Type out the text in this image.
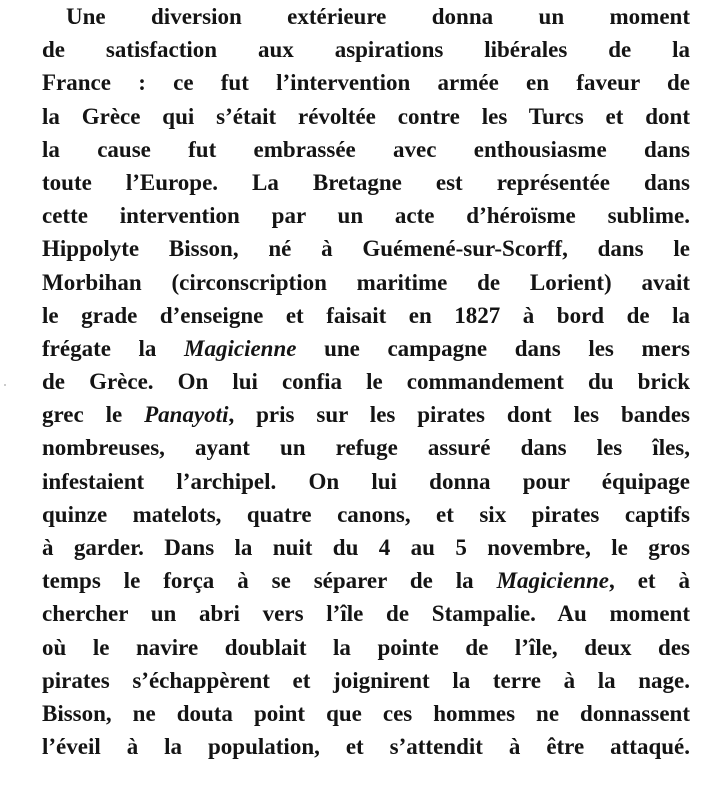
Une diversion extérieure donna un moment
de satisfaction aux aspirations libérales de la
France : ce fut l’intervention armée en faveur de
la Grèce qui s’était révoltée contre les Turcs et dont
la cause fut embrassée avec enthousiasme dans
toute l’Europe. La Bretagne est représentée dans
cette intervention par un acte d’héroïsme sublime.
Hippolyte Bisson, né à Guémené-sur-Scorff, dans le
Morbihan (circonscription maritime de Lorient) avait
le grade d’enseigne et faisait en 1827 à bord de la
frégate la Magicienne une campagne dans les mers
de Grèce. On lui confia le commandement du brick
grec le Panayoti, pris sur les pirates dont les bandes
nombreuses, ayant un refuge assuré dans les îles,
infestaient l’archipel. On lui donna pour équipage
quinze matelots, quatre canons, et six pirates captifs
à garder. Dans la nuit du 4 au 5 novembre, le gros
temps le força à se séparer de la Magicienne, et à
chercher un abri vers l’île de Stampalie. Au moment
où le navire doublait la pointe de l’île, deux des
pirates s’échappèrent et joignirent la terre à la nage.
Bisson, ne douta point que ces hommes ne donnassent
l’éveil à la population, et s’attendit à être attaqué.
